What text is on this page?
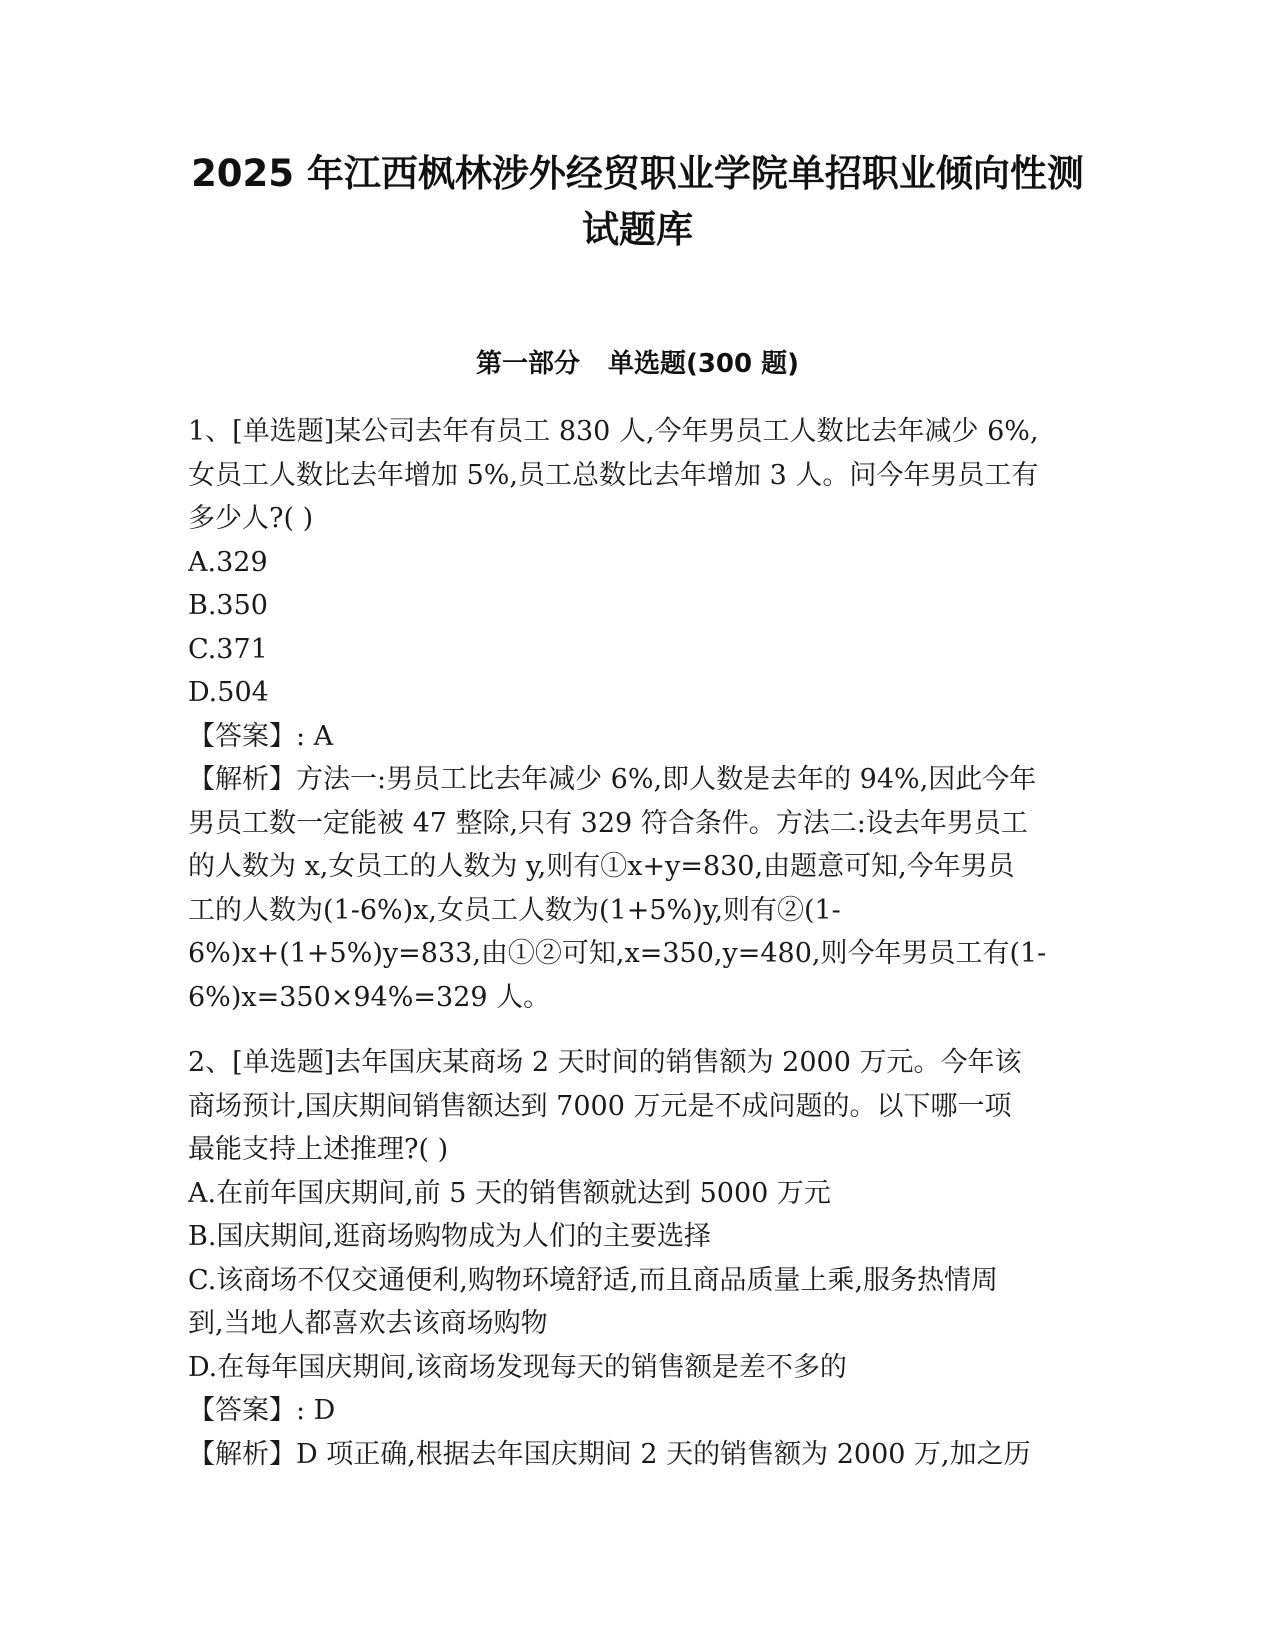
2025 年江西枫林涉外经贸职业学院单招职业倾向性测
试题库
第一部分 单选题(300 题)
1、[单选题]某公司去年有员工 830 人,今年男员工人数比去年减少 6%,
女员工人数比去年增加 5%,员工总数比去年增加 3 人。问今年男员工有
多少人?( )
A.329
B.350
C.371
D.504
【答案】: A
【解析】方法一:男员工比去年减少 6%,即人数是去年的 94%,因此今年
男员工数一定能被 47 整除,只有 329 符合条件。方法二:设去年男员工
的人数为 x,女员工的人数为 y,则有①x+y=830,由题意可知,今年男员
工的人数为(1-6%)x,女员工人数为(1+5%)y,则有②(1-
6%)x+(1+5%)y=833,由①②可知,x=350,y=480,则今年男员工有(1-
6%)x=350×94%=329 人。
2、[单选题]去年国庆某商场 2 天时间的销售额为 2000 万元。今年该
商场预计,国庆期间销售额达到 7000 万元是不成问题的。以下哪一项
最能支持上述推理?( )
A.在前年国庆期间,前 5 天的销售额就达到 5000 万元
B.国庆期间,逛商场购物成为人们的主要选择
C.该商场不仅交通便利,购物环境舒适,而且商品质量上乘,服务热情周
到,当地人都喜欢去该商场购物
D.在每年国庆期间,该商场发现每天的销售额是差不多的
【答案】: D
【解析】D 项正确,根据去年国庆期间 2 天的销售额为 2000 万,加之历
